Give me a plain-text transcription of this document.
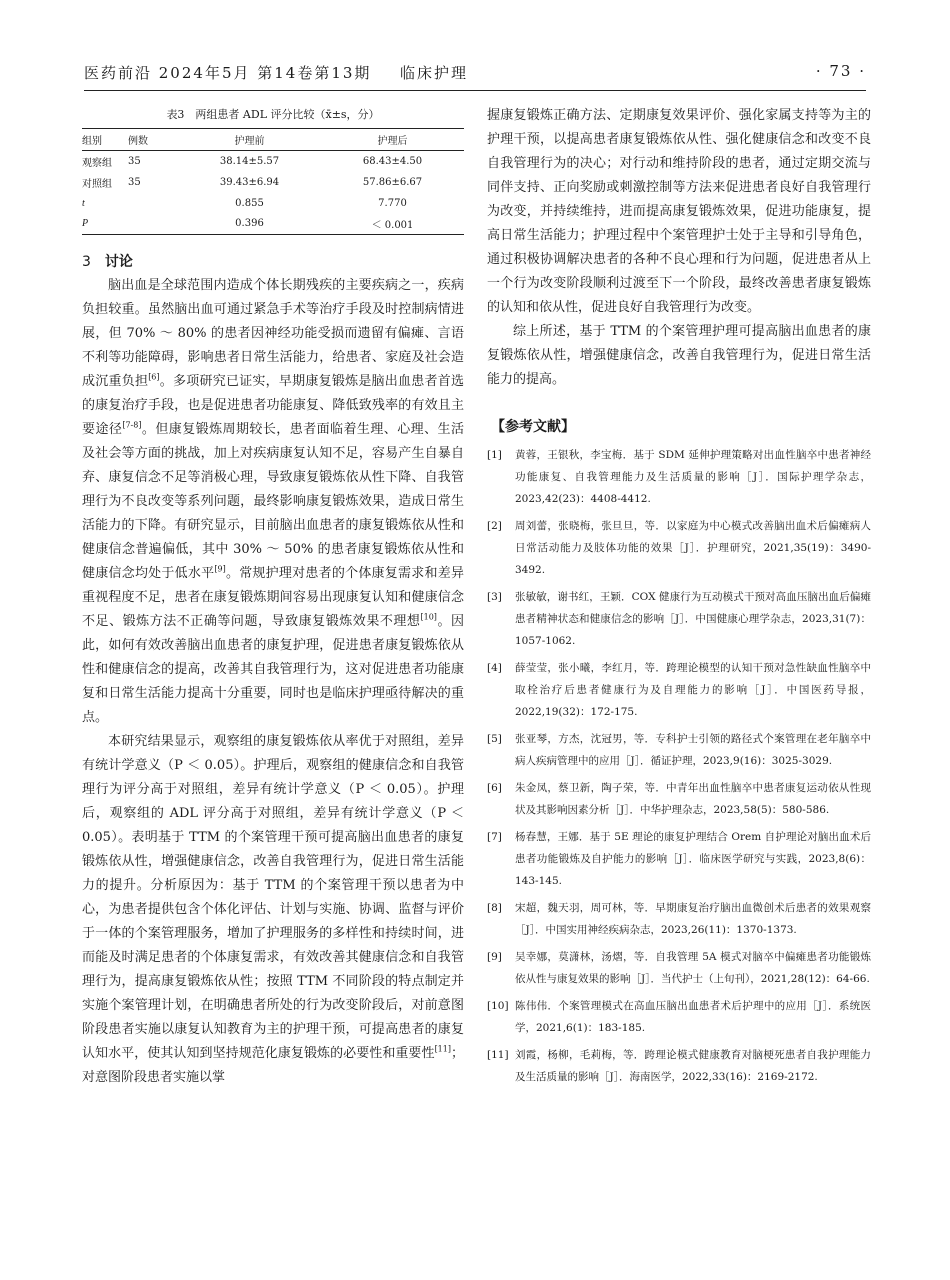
医药前沿 2024年5月 第14卷第13期 临床护理	· 73 ·
表3　两组患者 ADL 评分比较（x̄±s，分）
组别	例数	护理前	护理后
观察组	35	38.14±5.57	68.43±4.50
对照组	35	39.43±6.94	57.86±6.67
t		0.855	7.770
P		0.396	＜ 0.001
3 讨论

脑出血是全球范围内造成个体长期残疾的主要疾病之一，疾病负担较重。虽然脑出血可通过紧急手术等治疗手段及时控制病情进展，但 70% ～ 80% 的患者因神经功能受损而遗留有偏瘫、言语不利等功能障碍，影响患者日常生活能力，给患者、家庭及社会造成沉重负担[6]。多项研究已证实，早期康复锻炼是脑出血患者首选的康复治疗手段，也是促进患者功能康复、降低致残率的有效且主要途径[7-8]。但康复锻炼周期较长，患者面临着生理、心理、生活及社会等方面的挑战，加上对疾病康复认知不足，容易产生自暴自弃、康复信念不足等消极心理，导致康复锻炼依从性下降、自我管理行为不良改变等系列问题，最终影响康复锻炼效果，造成日常生活能力的下降。有研究显示，目前脑出血患者的康复锻炼依从性和健康信念普遍偏低，其中 30% ～ 50% 的患者康复锻炼依从性和健康信念均处于低水平[9]。常规护理对患者的个体康复需求和差异重视程度不足，患者在康复锻炼期间容易出现康复认知和健康信念不足、锻炼方法不正确等问题，导致康复锻炼效果不理想[10]。因此，如何有效改善脑出血患者的康复护理，促进患者康复锻炼依从性和健康信念的提高，改善其自我管理行为，这对促进患者功能康复和日常生活能力提高十分重要，同时也是临床护理亟待解决的重点。

本研究结果显示，观察组的康复锻炼依从率优于对照组，差异有统计学意义（P ＜ 0.05）。护理后，观察组的健康信念和自我管理行为评分高于对照组，差异有统计学意义（P ＜ 0.05）。护理后，观察组的 ADL 评分高于对照组，差异有统计学意义（P ＜ 0.05）。表明基于 TTM 的个案管理干预可提高脑出血患者的康复锻炼依从性，增强健康信念，改善自我管理行为，促进日常生活能力的提升。分析原因为：基于 TTM 的个案管理干预以患者为中心，为患者提供包含个体化评估、计划与实施、协调、监督与评价于一体的个案管理服务，增加了护理服务的多样性和持续时间，进而能及时满足患者的个体康复需求，有效改善其健康信念和自我管理行为，提高康复锻炼依从性；按照 TTM 不同阶段的特点制定并实施个案管理计划，在明确患者所处的行为改变阶段后，对前意图阶段患者实施以康复认知教育为主的护理干预，可提高患者的康复认知水平，使其认知到坚持规范化康复锻炼的必要性和重要性[11]；对意图阶段患者实施以掌

握康复锻炼正确方法、定期康复效果评价、强化家属支持等为主的护理干预，以提高患者康复锻炼依从性、强化健康信念和改变不良自我管理行为的决心；对行动和维持阶段的患者，通过定期交流与同伴支持、正向奖励或刺激控制等方法来促进患者良好自我管理行为改变，并持续维持，进而提高康复锻炼效果，促进功能康复，提高日常生活能力；护理过程中个案管理护士处于主导和引导角色，通过积极协调解决患者的各种不良心理和行为问题，促进患者从上一个行为改变阶段顺利过渡至下一个阶段，最终改善患者康复锻炼的认知和依从性，促进良好自我管理行为改变。

综上所述，基于 TTM 的个案管理护理可提高脑出血患者的康复锻炼依从性，增强健康信念，改善自我管理行为，促进日常生活能力的提高。

【参考文献】
[1]	黄蓉，王银秋，李宝梅．基于 SDM 延伸护理策略对出血性脑卒中患者神经功能康复、自我管理能力及生活质量的影响［J］．国际护理学杂志，2023,42(23)：4408-4412.
[2]	周刘蕾，张晓梅，张旦旦，等．以家庭为中心模式改善脑出血术后偏瘫病人日常活动能力及肢体功能的效果［J］．护理研究，2021,35(19)：3490-3492.
[3]	张敏敏，谢书红，王颖．COX 健康行为互动模式干预对高血压脑出血后偏瘫患者精神状态和健康信念的影响［J］．中国健康心理学杂志，2023,31(7)：1057-1062.
[4]	薛莹莹，张小曦，李红月，等．跨理论模型的认知干预对急性缺血性脑卒中取栓治疗后患者健康行为及自理能力的影响［J］．中国医药导报，2022,19(32)：172-175.
[5]	张亚琴，方杰，沈冠男，等．专科护士引领的路径式个案管理在老年脑卒中病人疾病管理中的应用［J］．循证护理，2023,9(16)：3025-3029.
[6]	朱金凤，蔡卫新，陶子荣，等．中青年出血性脑卒中患者康复运动依从性现状及其影响因素分析［J］．中华护理杂志，2023,58(5)：580-586.
[7]	杨春慧，王娜．基于 5E 理论的康复护理结合 Orem 自护理论对脑出血术后患者功能锻炼及自护能力的影响［J］．临床医学研究与实践，2023,8(6)：143-145.
[8]	宋超，魏天羽，周可林，等．早期康复治疗脑出血微创术后患者的效果观察［J］．中国实用神经疾病杂志，2023,26(11)：1370-1373.
[9]	吴幸娜，莫潇林，汤熠，等．自我管理 5A 模式对脑卒中偏瘫患者功能锻炼依从性与康复效果的影响［J］．当代护士（上旬刊），2021,28(12)：64-66.
[10] 陈伟伟．个案管理模式在高血压脑出血患者术后护理中的应用［J］．系统医学，2021,6(1)：183-185.
[11] 刘霞，杨柳，毛莉梅，等．跨理论模式健康教育对脑梗死患者自我护理能力及生活质量的影响［J］．海南医学，2022,33(16)：2169-2172.
